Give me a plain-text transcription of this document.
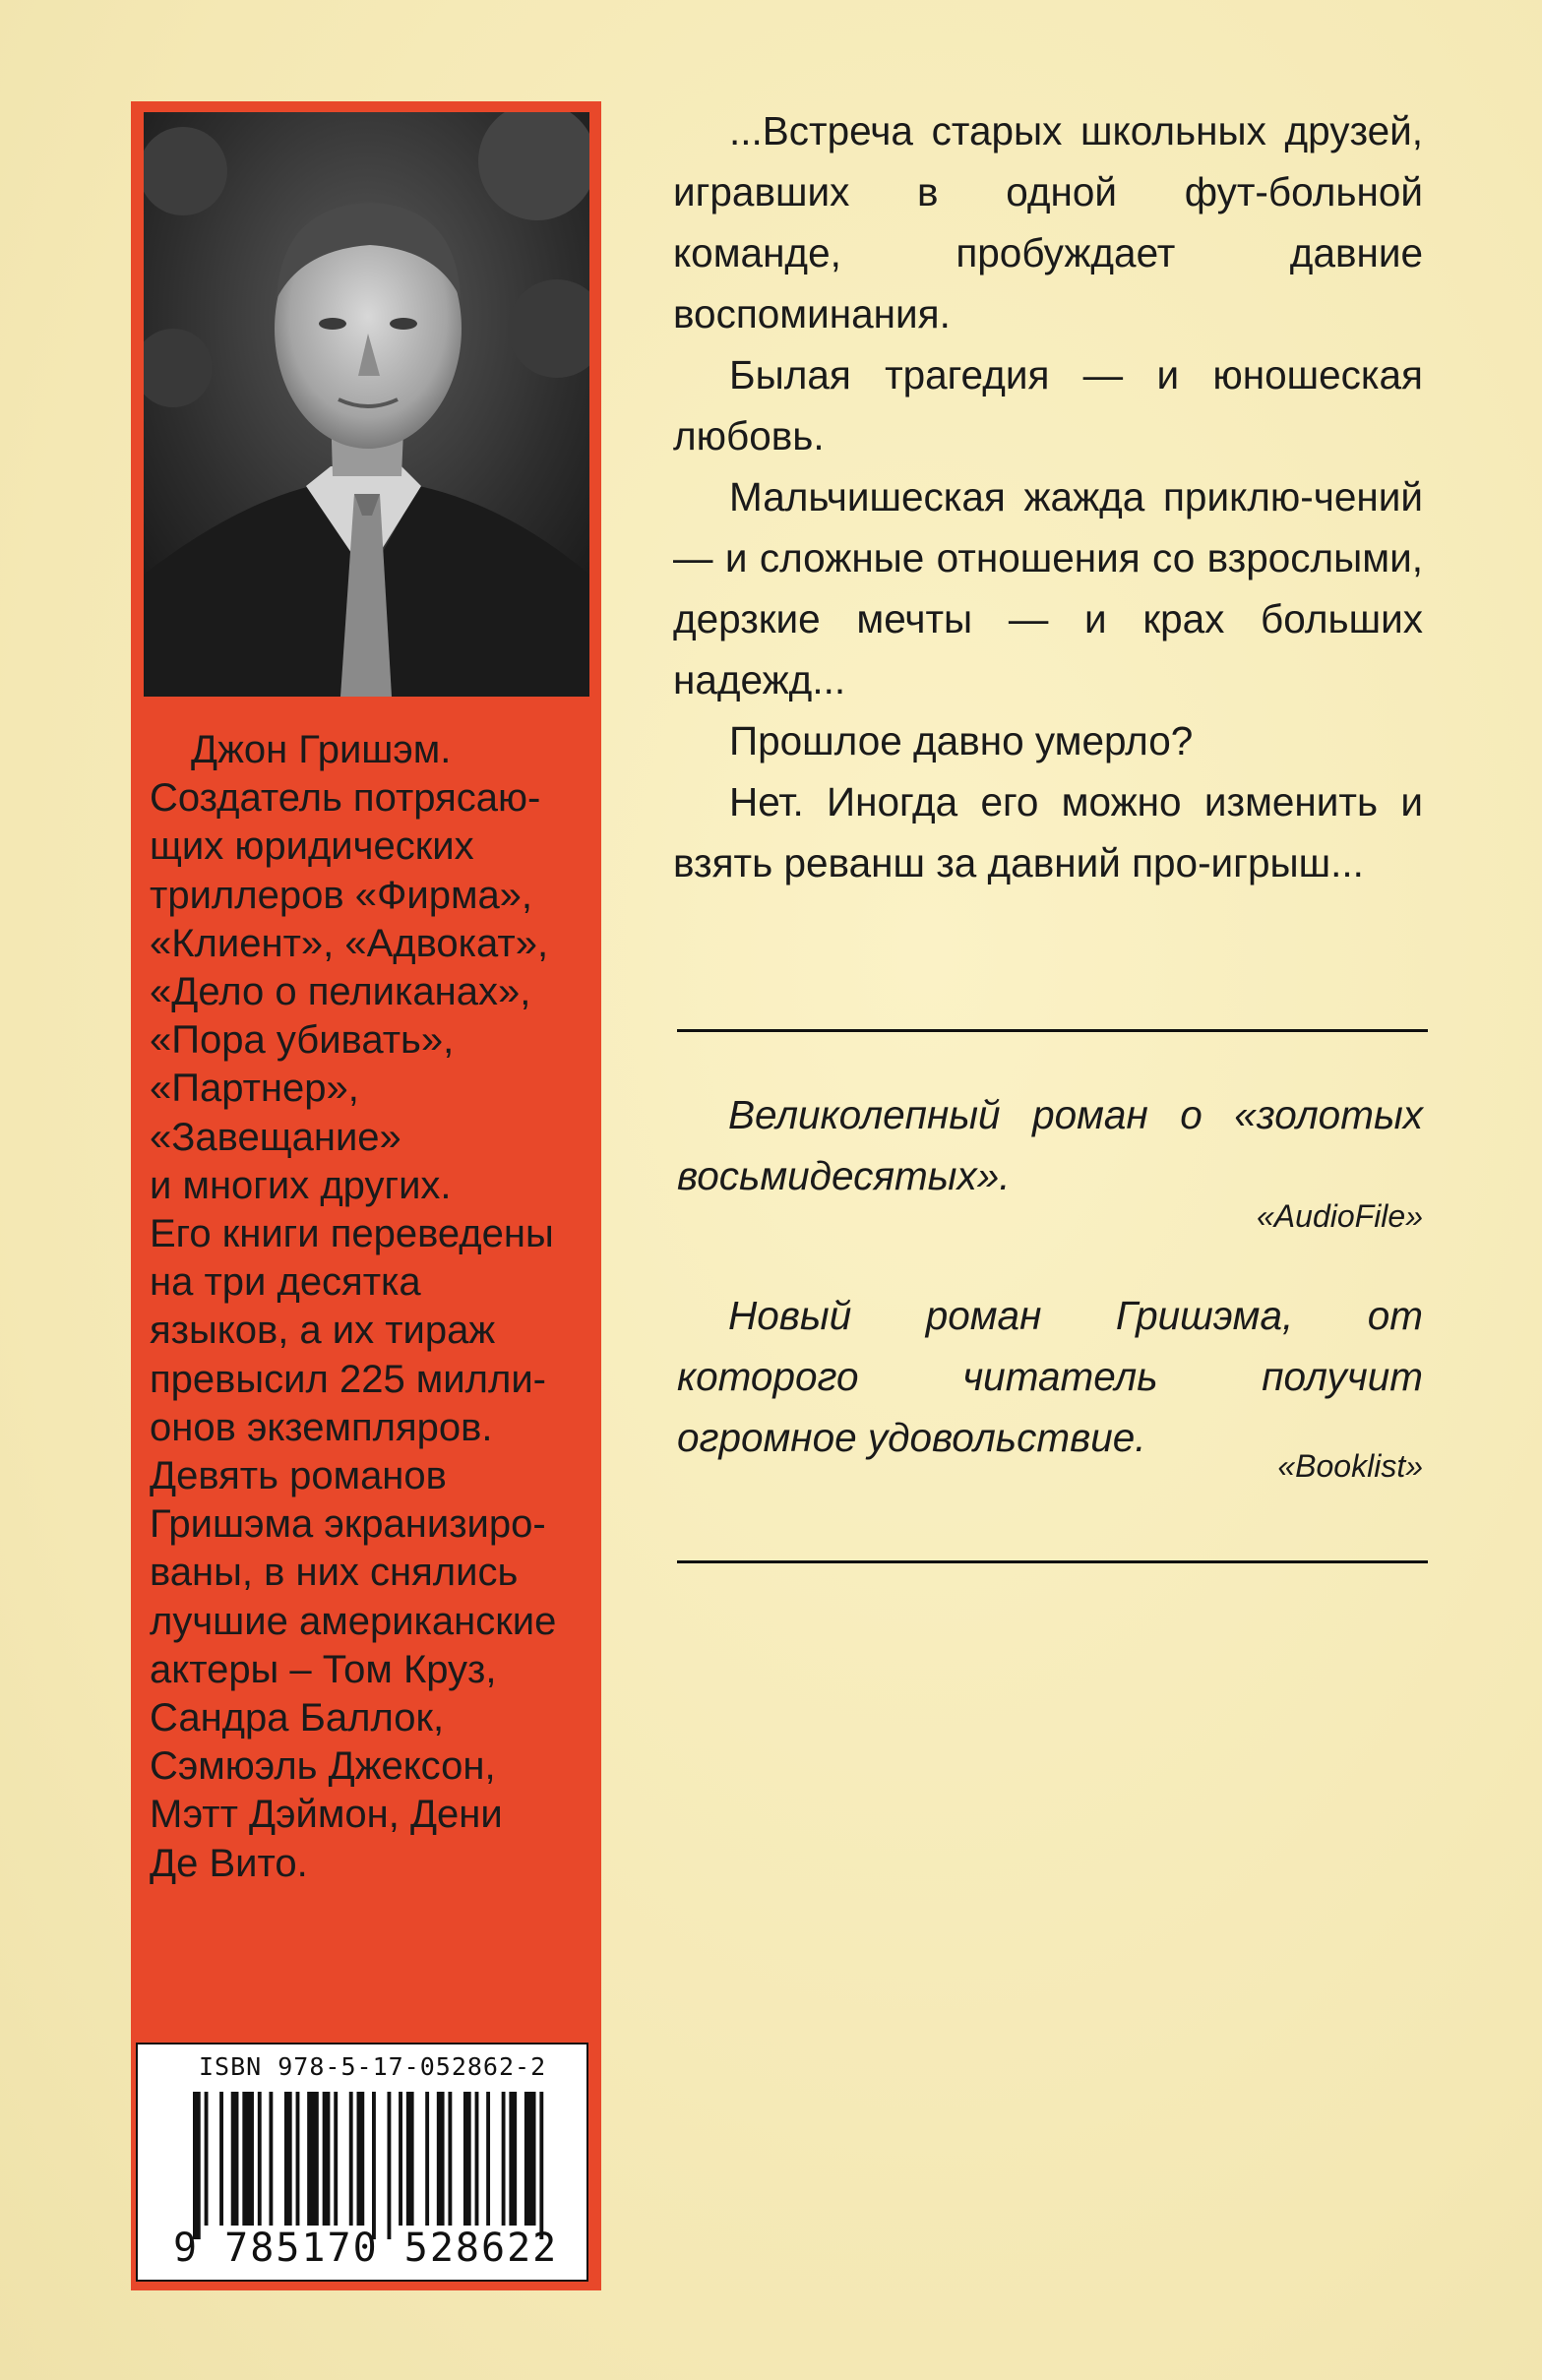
Джон Гришэм.
Создатель потрясаю-
щих юридических
триллеров «Фирма»,
«Клиент», «Адвокат»,
«Дело о пеликанах»,
«Пора убивать»,
«Партнер»,
«Завещание»
и многих других.
Его книги переведены
на три десятка
языков, а их тираж
превысил 225 милли-
онов экземпляров.
Девять романов
Гришэма экранизиро-
ваны, в них снялись
лучшие американские
актеры – Том Круз,
Сандра Баллок,
Сэмюэль Джексон,
Мэтт Дэймон, Дени
Де Вито.
ISBN 978-5-17-052862-2
9 785170 528622

...Встреча старых школьных друзей, игравших в одной фут-больной команде, пробуждает давние воспоминания.

Былая трагедия — и юношеская любовь.

Мальчишеская жажда приклю-чений — и сложные отношения со взрослыми, дерзкие мечты — и крах больших надежд...

Прошлое давно умерло?

Нет. Иногда его можно изменить и взять реванш за давний про-игрыш...

Великолепный роман о «золотых восьмидесятых».

«AudioFile»

Новый роман Гришэма, от которого читатель получит огромное удовольствие.

«Booklist»
